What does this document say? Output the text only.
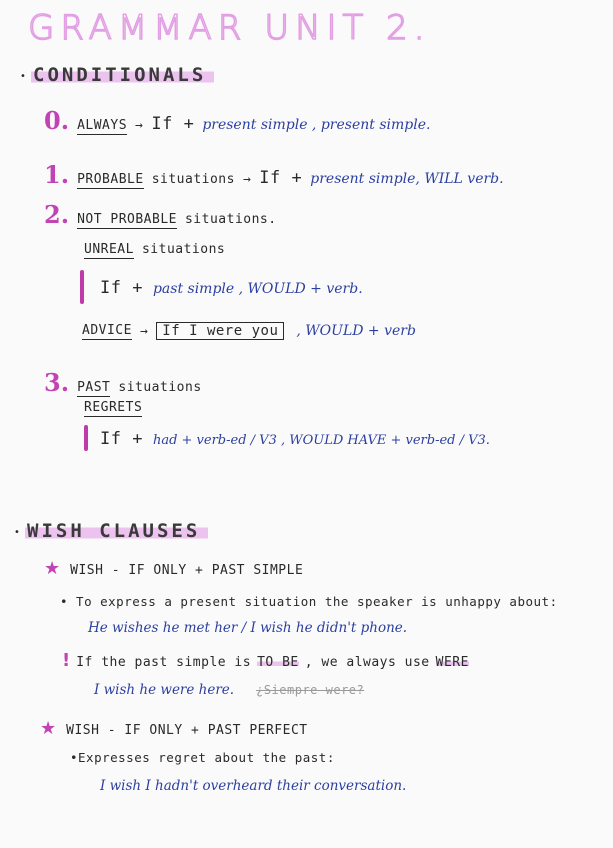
GRAMMAR UNIT 2.
• CONDITIONALS
0. ALWAYS → If + present simple , present simple.
1. PROBABLE situations → If + present simple, WILL verb.
2. NOT PROBABLE situations.
UNREAL situations
If + past simple , WOULD + verb.
ADVICE →	If I were you	, WOULD + verb
3. PAST situations
REGRETS
If + had + verb-ed / V3 , WOULD HAVE + verb-ed / V3.
• WISH CLAUSES
★ WISH - IF ONLY + PAST SIMPLE
• To express a present situation the speaker is unhappy about:
He wishes he met her / I wish he didn't phone.
! If the past simple is TO BE , we always use WERE
I wish he were here. ¿Siempre were?
★ WISH - IF ONLY + PAST PERFECT
•Expresses regret about the past:
I wish I hadn't overheard their conversation.
